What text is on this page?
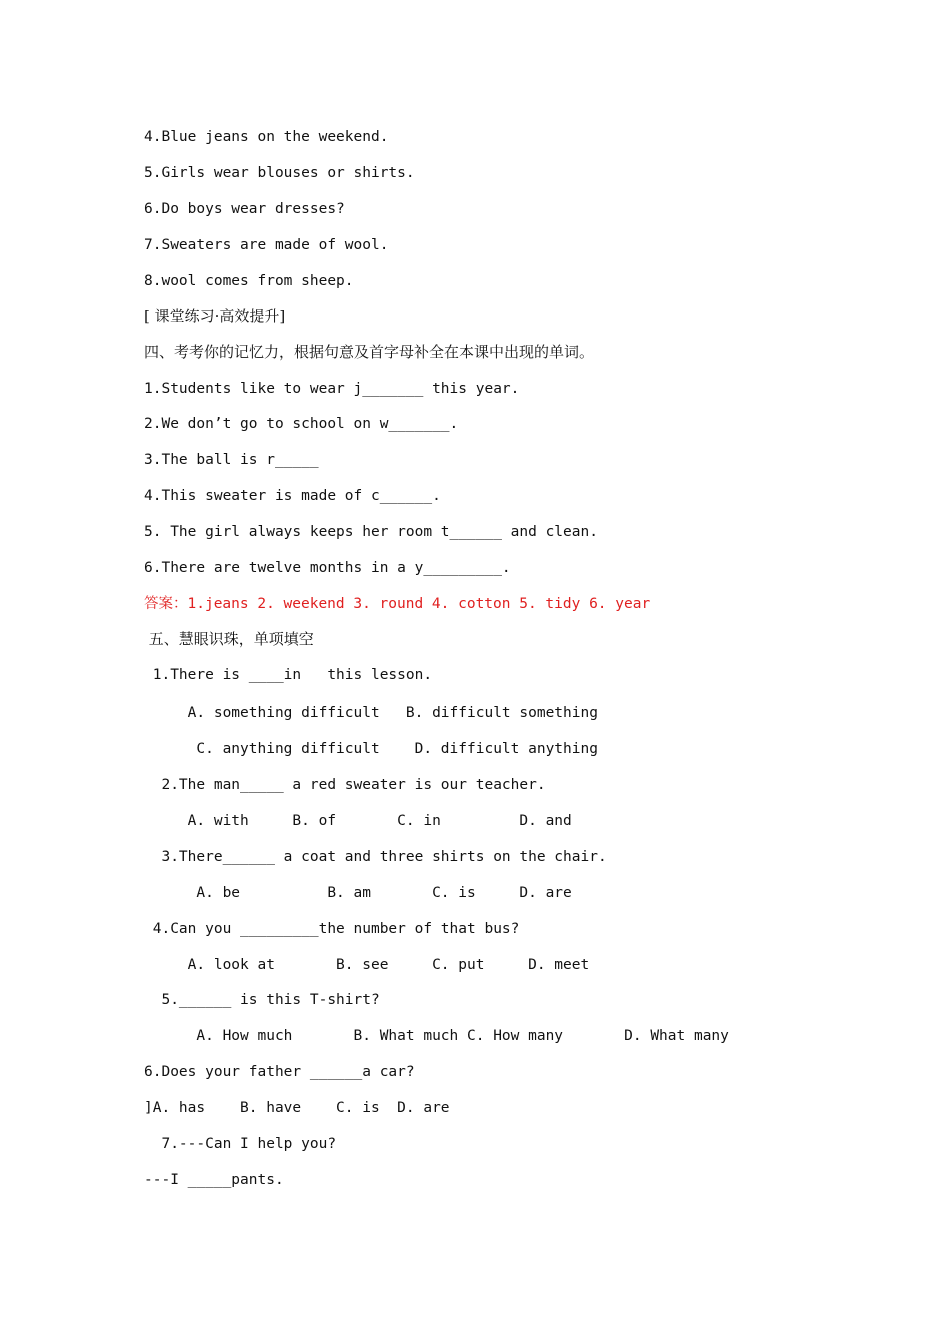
4.Blue jeans on the weekend.
5.Girls wear blouses or shirts.
6.Do boys wear dresses?
7.Sweaters are made of wool.
8.wool comes from sheep.
[ 课堂练习·高效提升]
四、考考你的记忆力，根据句意及首字母补全在本课中出现的单词。
1.Students like to wear j_______ this year.
2.We don’t go to school on w_______.
3.The ball is r_____
4.This sweater is made of c______.
5. The girl always keeps her room t______ and clean.
6.There are twelve months in a y_________.
答案：1.jeans 2. weekend 3. round 4. cotton 5. tidy 6. year
五、慧眼识珠，单项填空
1.There is ____in   this lesson.
A. something difficult   B. difficult something
C. anything difficult    D. difficult anything
2.The man_____ a red sweater is our teacher.
A. with     B. of       C. in         D. and
3.There______ a coat and three shirts on the chair.
A. be          B. am       C. is     D. are
4.Can you _________the number of that bus?
A. look at       B. see     C. put     D. meet
5.______ is this T-shirt?
A. How much       B. What much C. How many       D. What many
6.Does your father ______a car?
]A. has    B. have    C. is  D. are
7.---Can I help you?
---I _____pants.
